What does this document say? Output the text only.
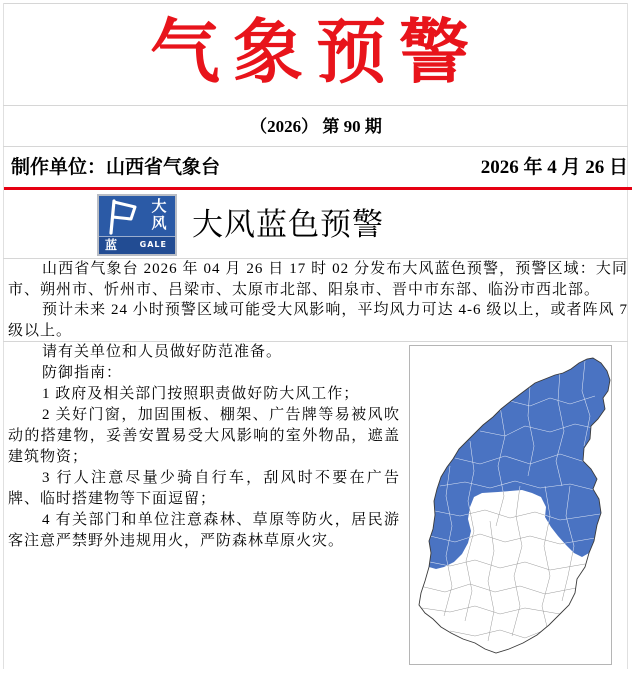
气象预警
（2026） 第 90 期
制作单位：山西省气象台	2026 年 4 月 26 日
大
风
蓝	GALE
大风蓝色预警

山西省气象台 2026 年 04 月 26 日 17 时 02 分发布大风蓝色预警，预警区域：大同市、朔州市、忻州市、吕梁市、太原市北部、阳泉市、晋中市东部、临汾市西北部。

预计未来 24 小时预警区域可能受大风影响，平均风力可达 4-6 级以上，或者阵风 7 级以上。

请有关单位和人员做好防范准备。

防御指南：

1 政府及相关部门按照职责做好防大风工作；

2 关好门窗，加固围板、棚架、广告牌等易被风吹动的搭建物，妥善安置易受大风影响的室外物品，遮盖建筑物资；

3 行人注意尽量少骑自行车，刮风时不要在广告牌、临时搭建物等下面逗留；

4 有关部门和单位注意森林、草原等防火，居民游客注意严禁野外违规用火，严防森林草原火灾。
